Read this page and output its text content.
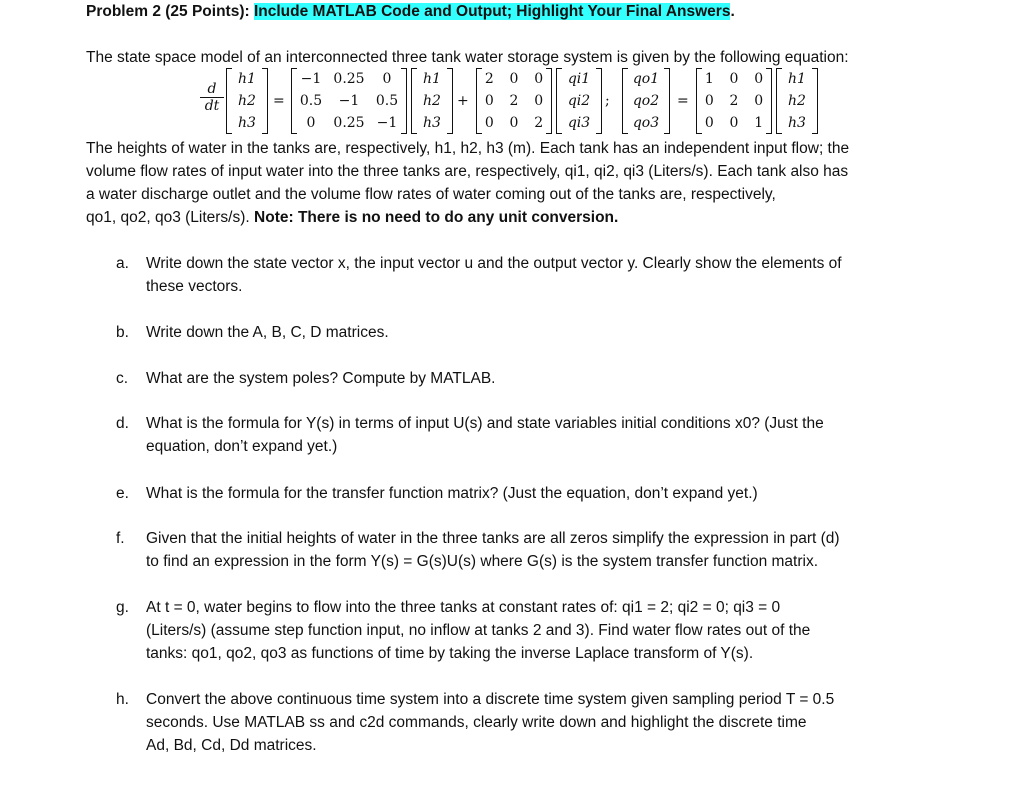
Problem 2 (25 Points): Include MATLAB Code and Output; Highlight Your Final Answers.
The state space model of an interconnected three tank water storage system is given by the following equation:
$\frac{d}{dt}$
h1
h2
h3
=
−1 0.25	0
0.5	−1	0.5
0	0.25 −1
h1
h2
h3
+
2	0	0
0	2	0
0	0	2
qi1
qi2
qi3
;
qo1
qo2
qo3
=
1	0	0
0	2	0
0	0	1
h1
h2
h3

The heights of water in the tanks are, respectively, h1, h2, h3 (m). Each tank has an independent input flow; the

volume flow rates of input water into the three tanks are, respectively, qi1, qi2, qi3 (Liters/s). Each tank also has

a water discharge outlet and the volume flow rates of water coming out of the tanks are, respectively,

qo1, qo2, qo3 (Liters/s). Note: There is no need to do any unit conversion.

a. Write down the state vector x, the input vector u and the output vector y. Clearly show the elements of

these vectors.

b. Write down the A, B, C, D matrices.

c. What are the system poles? Compute by MATLAB.

d. What is the formula for Y(s) in terms of input U(s) and state variables initial conditions x0? (Just the

equation, don’t expand yet.)

e. What is the formula for the transfer function matrix? (Just the equation, don’t expand yet.)

f. Given that the initial heights of water in the three tanks are all zeros simplify the expression in part (d)

to find an expression in the form Y(s) = G(s)U(s) where G(s) is the system transfer function matrix.

g. At t = 0, water begins to flow into the three tanks at constant rates of: qi1 = 2; qi2 = 0; qi3 = 0

(Liters/s) (assume step function input, no inflow at tanks 2 and 3). Find water flow rates out of the

tanks: qo1, qo2, qo3 as functions of time by taking the inverse Laplace transform of Y(s).

h. Convert the above continuous time system into a discrete time system given sampling period T = 0.5

seconds. Use MATLAB ss and c2d commands, clearly write down and highlight the discrete time

Ad, Bd, Cd, Dd matrices.
